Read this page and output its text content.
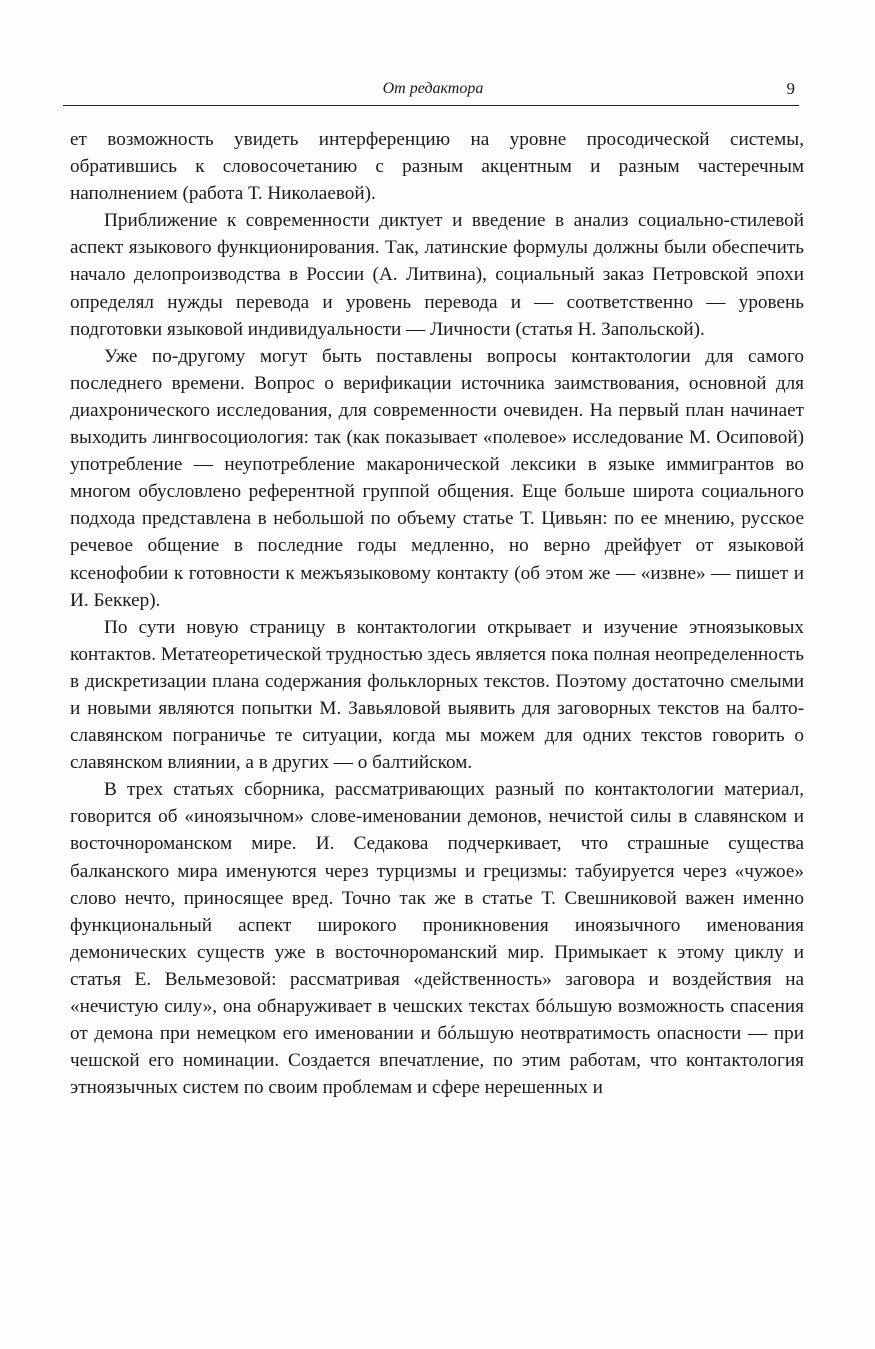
От редактора	9

ет возможность увидеть интерференцию на уровне просодической системы, обратившись к словосочетанию с разным акцентным и разным частеречным наполнением (работа Т. Николаевой).

Приближение к современности диктует и введение в анализ социально-стилевой аспект языкового функционирования. Так, латинские формулы должны были обеспечить начало делопроизводства в России (А. Литвина), социальный заказ Петровской эпохи определял нужды перевода и уровень перевода и — соответственно — уровень подготовки языковой индивидуальности — Личности (статья Н. Запольской).

Уже по-другому могут быть поставлены вопросы контактологии для самого последнего времени. Вопрос о верификации источника заимствования, основной для диахронического исследования, для современности очевиден. На первый план начинает выходить лингвосоциология: так (как показывает «полевое» исследование М. Осиповой) употребление — неупотребление макаронической лексики в языке иммигрантов во многом обусловлено референтной группой общения. Еще больше широта социального подхода представлена в небольшой по объему статье Т. Цивьян: по ее мнению, русское речевое общение в последние годы медленно, но верно дрейфует от языковой ксенофобии к готовности к межъязыковому контакту (об этом же — «извне» — пишет и И. Беккер).

По сути новую страницу в контактологии открывает и изучение этноязыковых контактов. Метатеоретической трудностью здесь является пока полная неопределенность в дискретизации плана содержания фольклорных текстов. Поэтому достаточно смелыми и новыми являются попытки М. Завьяловой выявить для заговорных текстов на балто-славянском пограничье те ситуации, когда мы можем для одних текстов говорить о славянском влиянии, а в других — о балтийском.

В трех статьях сборника, рассматривающих разный по контактологии материал, говорится об «иноязычном» слове-именовании демонов, нечистой силы в славянском и восточнороманском мире. И. Седакова подчеркивает, что страшные существа балканского мира именуются через турцизмы и грецизмы: табуируется через «чужое» слово нечто, приносящее вред. Точно так же в статье Т. Свешниковой важен именно функциональный аспект широкого проникновения иноязычного именования демонических существ уже в восточнороманский мир. Примыкает к этому циклу и статья Е. Вельмезовой: рассматривая «действенность» заговора и воздействия на «нечистую силу», она обнаруживает в чешских текстах бóльшую возможность спасения от демона при немецком его именовании и бóльшую неотвратимость опасности — при чешской его номинации. Создается впечатление, по этим работам, что контактология этноязычных систем по своим проблемам и сфере нерешенных и
